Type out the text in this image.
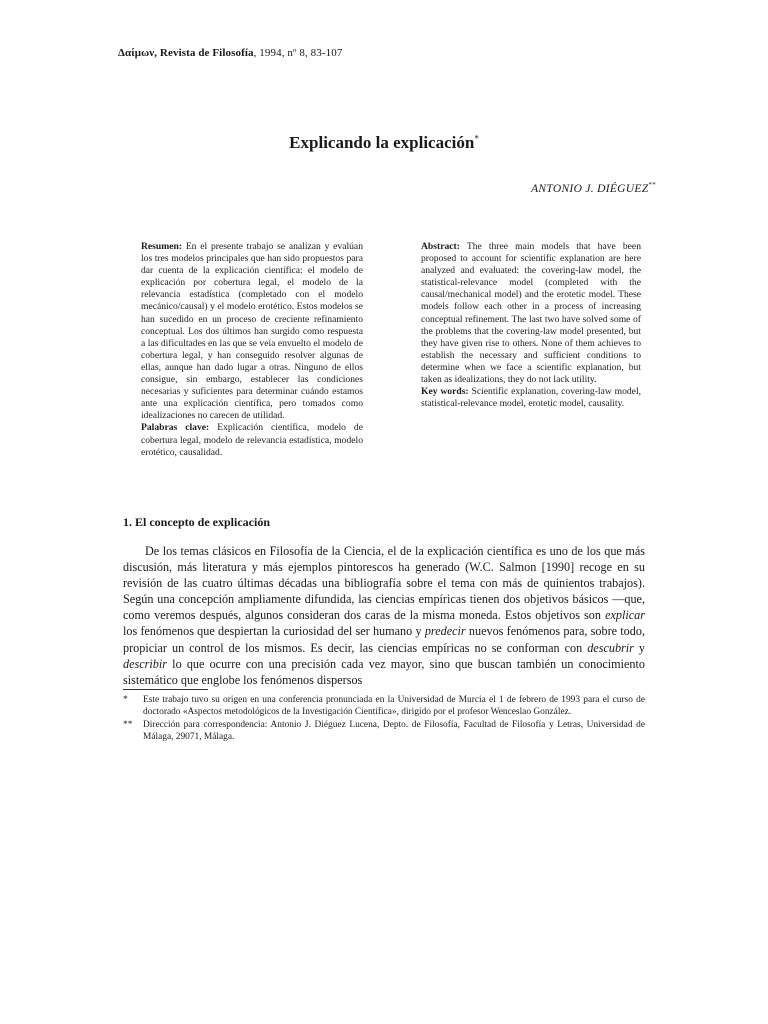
Δαίμων, Revista de Filosofía, 1994, nº 8, 83-107
Explicando la explicación*
ANTONIO J. DIÉGUEZ**

Resumen: En el presente trabajo se analizan y evalúan los tres modelos principales que han sido propuestos para dar cuenta de la explicación científica: el modelo de explicación por cobertura legal, el modelo de la relevancia estadística (completado con el modelo mecánico/causal) y el modelo erotético. Estos modelos se han sucedido en un proceso de creciente refinamiento conceptual. Los dos últimos han surgido como respuesta a las dificultades en las que se veía envuelto el modelo de cobertura legal, y han conseguido resolver algunas de ellas, aunque han dado lugar a otras. Ninguno de ellos consigue, sin embargo, establecer las condiciones necesarias y suficientes para determinar cuándo estamos ante una explicación científica, pero tomados como idealizaciones no carecen de utilidad.

Palabras clave: Explicación científica, modelo de cobertura legal, modelo de relevancia estadística, modelo erotético, causalidad.

Abstract: The three main models that have been proposed to account for scientific explanation are here analyzed and evaluated: the covering-law model, the statistical-relevance model (completed with the causal/mechanical model) and the erotetic model. These models follow each other in a process of increasing conceptual refinement. The last two have solved some of the problems that the covering-law model presented, but they have given rise to others. None of them achieves to establish the necessary and sufficient conditions to determine when we face a scientific explanation, but taken as idealizations, they do not lack utility.

Key words: Scientific explanation, covering-law model, statistical-relevance model, erotetic model, causality.

1. El concepto de explicación

De los temas clásicos en Filosofía de la Ciencia, el de la explicación científica es uno de los que más discusión, más literatura y más ejemplos pintorescos ha generado (W.C. Salmon [1990] recoge en su revisión de las cuatro últimas décadas una bibliografía sobre el tema con más de quinientos trabajos). Según una concepción ampliamente difundida, las ciencias empíricas tienen dos objetivos básicos —que, como veremos después, algunos consideran dos caras de la misma moneda. Estos objetivos son explicar los fenómenos que despiertan la curiosidad del ser humano y predecir nuevos fenómenos para, sobre todo, propiciar un control de los mismos. Es decir, las ciencias empíricas no se conforman con descubrir y describir lo que ocurre con una precisión cada vez mayor, sino que buscan también un conocimiento sistemático que englobe los fenómenos dispersos

*	Este trabajo tuvo su origen en una conferencia pronunciada en la Universidad de Murcia el 1 de febrero de 1993 para el curso de doctorado «Aspectos metodológicos de la Investigación Científica», dirigido por el profesor Wenceslao González.
**	Dirección para correspondencia: Antonio J. Diéguez Lucena, Depto. de Filosofía, Facultad de Filosofía y Letras, Universidad de Málaga, 29071, Málaga.
